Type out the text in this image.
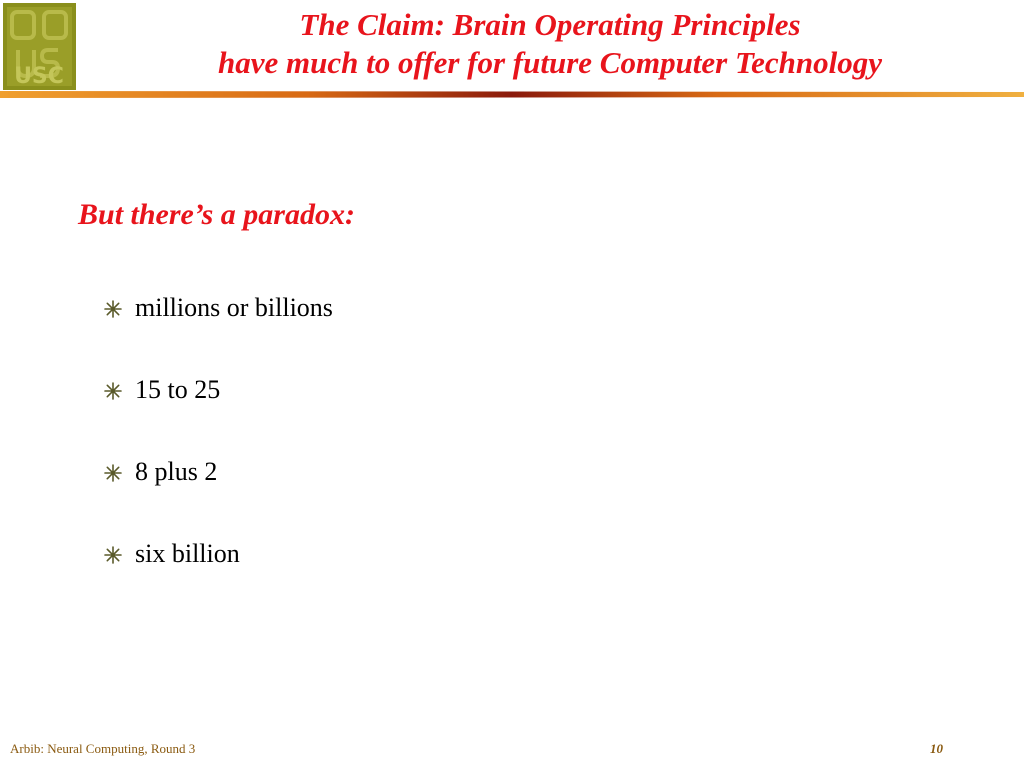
USC
The Claim: Brain Operating Principles
have much to offer for future Computer Technology
But there’s a paradox:
millions or billions
15 to 25
8 plus 2
six billion
Arbib: Neural Computing, Round 3	10
